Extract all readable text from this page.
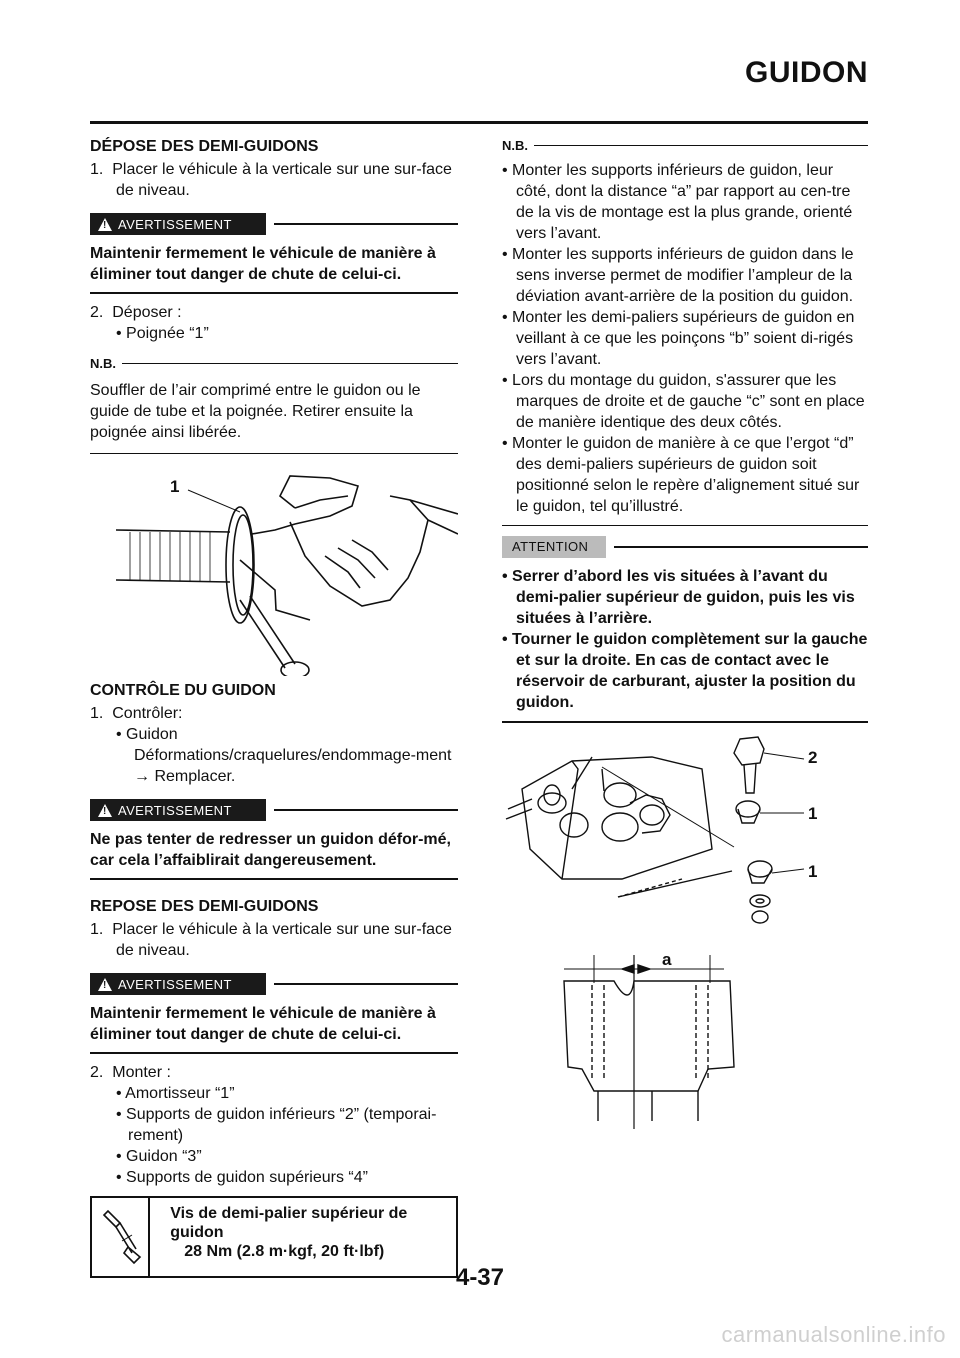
GUIDON
DÉPOSE DES DEMI-GUIDONS
1. Placer le véhicule à la verticale sur une sur-face de niveau.
! AVERTISSEMENT
Maintenir fermement le véhicule de manière à éliminer tout danger de chute de celui-ci.
2. Déposer :
• Poignée “1”
N.B.
Souffler de l’air comprimé entre le guidon ou le guide de tube et la poignée. Retirer ensuite la poignée ainsi libérée.
1
CONTRÔLE DU GUIDON
1. Contrôler:
• Guidon
Déformations/craquelures/endommage-ment → Remplacer.
! AVERTISSEMENT
Ne pas tenter de redresser un guidon défor-mé, car cela l’affaiblirait dangereusement.
REPOSE DES DEMI-GUIDONS
1. Placer le véhicule à la verticale sur une sur-face de niveau.
! AVERTISSEMENT
Maintenir fermement le véhicule de manière à éliminer tout danger de chute de celui-ci.
2. Monter :
• Amortisseur “1”
• Supports de guidon inférieurs “2” (temporai-rement)
• Guidon “3”
• Supports de guidon supérieurs “4”
Vis de demi-palier supérieur de guidon
28 Nm (2.8 m·kgf, 20 ft·lbf)
N.B.
• Monter les supports inférieurs de guidon, leur côté, dont la distance “a” par rapport au cen-tre de la vis de montage est la plus grande, orienté vers l’avant.
• Monter les supports inférieurs de guidon dans le sens inverse permet de modifier l’ampleur de la déviation avant-arrière de la position du guidon.
• Monter les demi-paliers supérieurs de guidon en veillant à ce que les poinçons “b” soient di-rigés vers l’avant.
• Lors du montage du guidon, s'assurer que les marques de droite et de gauche “c” sont en place de manière identique des deux côtés.
• Monter le guidon de manière à ce que l’ergot “d” des demi-paliers supérieurs de guidon soit positionné selon le repère d’alignement situé sur le guidon, tel qu’illustré.
ATTENTION
• Serrer d’abord les vis situées à l’avant du demi-palier supérieur de guidon, puis les vis situées à l’arrière.
• Tourner le guidon complètement sur la gauche et sur la droite. En cas de contact avec le réservoir de carburant, ajuster la position du guidon.
2
1
1
a
4-37
carmanualsonline.info
